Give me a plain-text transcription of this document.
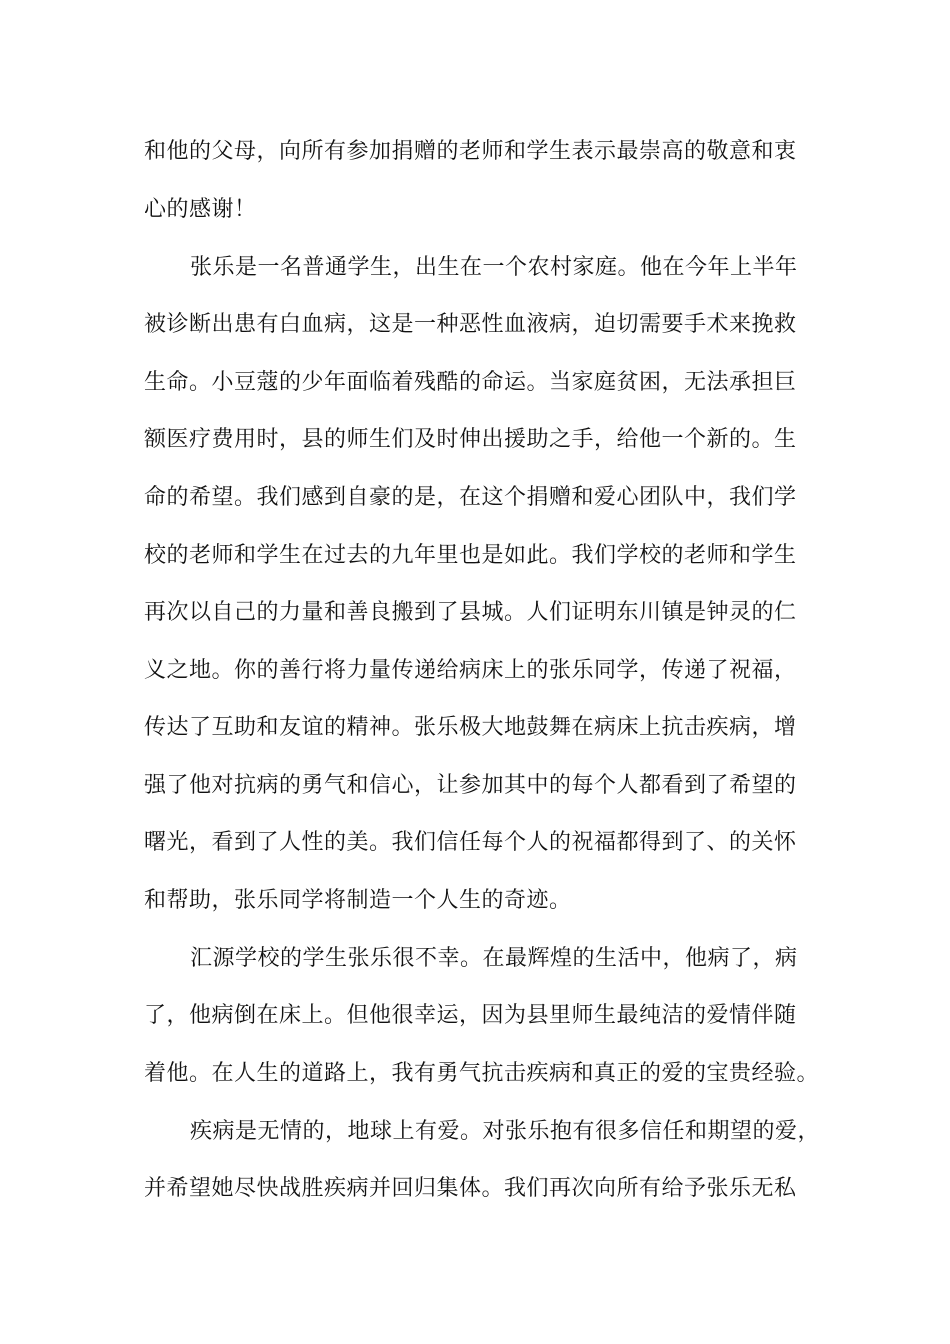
和他的父母，向所有参加捐赠的老师和学生表示最崇高的敬意和衷
心的感谢！
张乐是一名普通学生，出生在一个农村家庭。他在今年上半年
被诊断出患有白血病，这是一种恶性血液病，迫切需要手术来挽救
生命。小豆蔻的少年面临着残酷的命运。当家庭贫困，无法承担巨
额医疗费用时，县的师生们及时伸出援助之手，给他一个新的。生
命的希望。我们感到自豪的是，在这个捐赠和爱心团队中，我们学
校的老师和学生在过去的九年里也是如此。我们学校的老师和学生
再次以自己的力量和善良搬到了县城。人们证明东川镇是钟灵的仁
义之地。你的善行将力量传递给病床上的张乐同学，传递了祝福，
传达了互助和友谊的精神。张乐极大地鼓舞在病床上抗击疾病，增
强了他对抗病的勇气和信心，让参加其中的每个人都看到了希望的
曙光，看到了人性的美。我们信任每个人的祝福都得到了、的关怀
和帮助，张乐同学将制造一个人生的奇迹。
汇源学校的学生张乐很不幸。在最辉煌的生活中，他病了，病
了，他病倒在床上。但他很幸运，因为县里师生最纯洁的爱情伴随
着他。在人生的道路上，我有勇气抗击疾病和真正的爱的宝贵经验。
疾病是无情的，地球上有爱。对张乐抱有很多信任和期望的爱，
并希望她尽快战胜疾病并回归集体。我们再次向所有给予张乐无私
